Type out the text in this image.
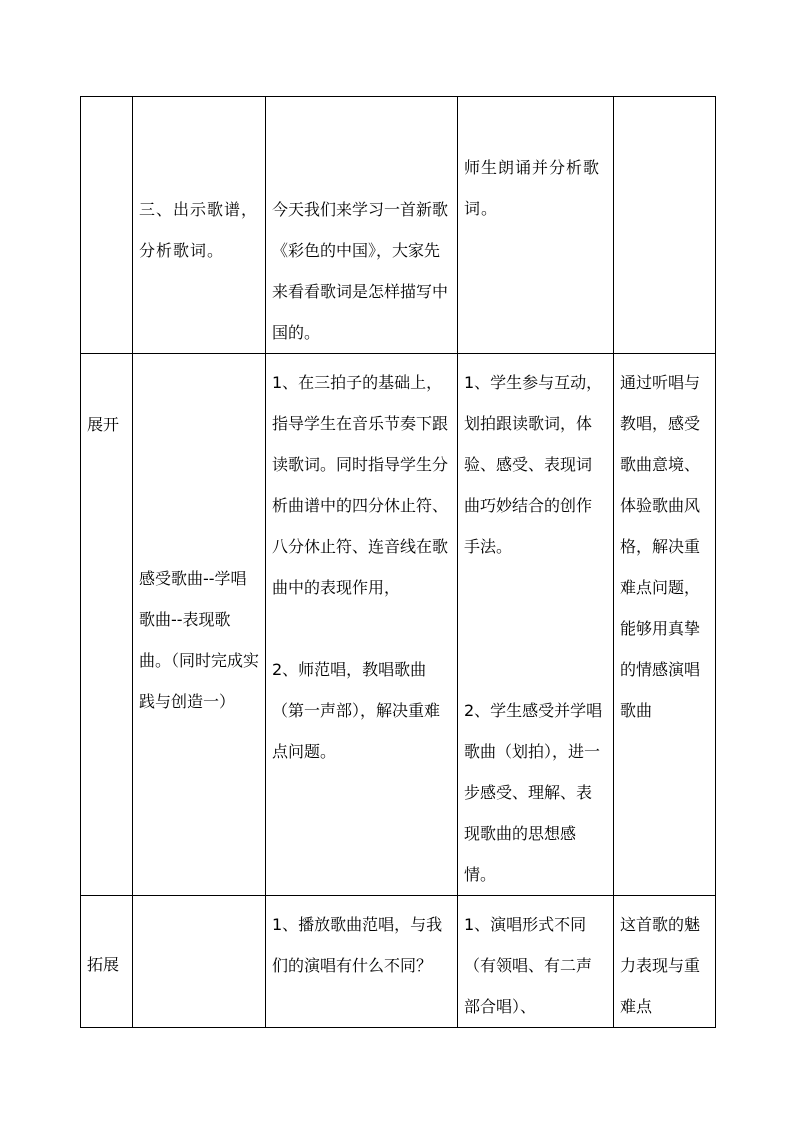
	三、出示歌谱，分析歌词。	今天我们来学习一首新歌《彩色的中国》，大家先来看看歌词是怎样描写中国的。	师生朗诵并分析歌词。	

展开	感受歌曲--学唱歌曲--表现歌曲。（同时完成实践与创造一）	1、在三拍子的基础上，指导学生在音乐节奏下跟读歌词。同时指导学生分析曲谱中的四分休止符、八分休止符、连音线在歌曲中的表现作用，
2、师范唱，教唱歌曲（第一声部），解决重难点问题。	1、学生参与互动，划拍跟读歌词，体验、感受、表现词曲巧妙结合的创作手法。
2、学生感受并学唱歌曲（划拍），进一步感受、理解、表现歌曲的思想感情。	通过听唱与教唱，感受歌曲意境、体验歌曲风格，解决重难点问题，能够用真挚的情感演唱歌曲

拓展		1、播放歌曲范唱，与我们的演唱有什么不同？	1、演唱形式不同（有领唱、有二声部合唱）、	这首歌的魅力表现与重难点
